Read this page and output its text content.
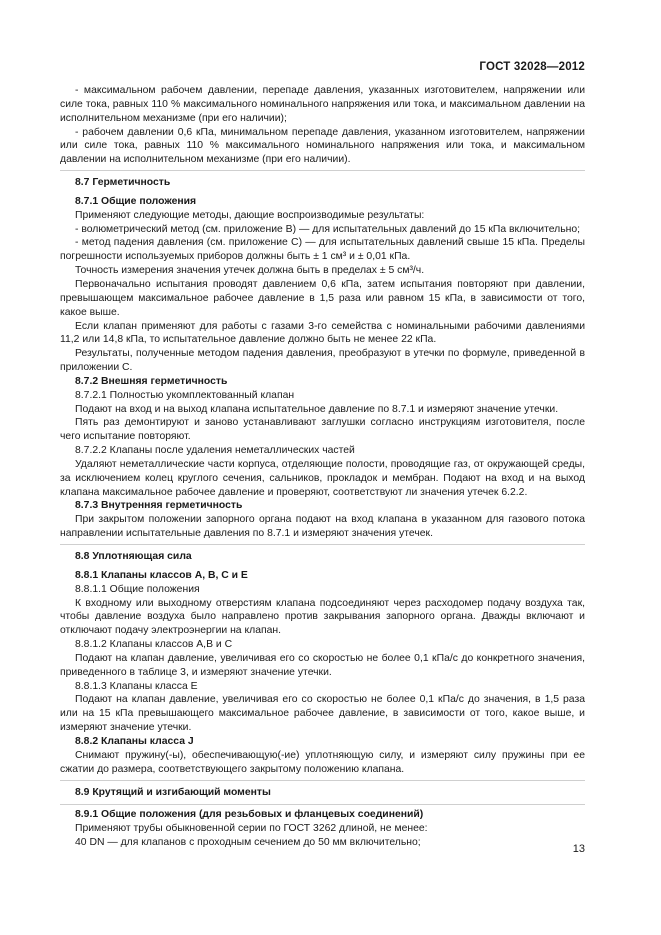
ГОСТ 32028—2012

- максимальном рабочем давлении, перепаде давления, указанных изготовителем, напряжении или силе тока, равных 110 % максимального номинального напряжения или тока, и максимальном давлении на исполнительном механизме (при его наличии);

- рабочем давлении 0,6 кПа, минимальном перепаде давления, указанном изготовителем, напряжении или силе тока, равных 110 % максимального номинального напряжения или тока, и максимальном давлении на исполнительном механизме (при его наличии).

8.7 Герметичность

8.7.1 Общие положения

Применяют следующие методы, дающие воспроизводимые результаты:

- волюметрический метод (см. приложение В) — для испытательных давлений до 15 кПа включительно;

- метод падения давления (см. приложение С) — для испытательных давлений свыше 15 кПа. Пределы погрешности используемых приборов должны быть ± 1 см³ и ± 0,01 кПа.

Точность измерения значения утечек должна быть в пределах ± 5 см³/ч.

Первоначально испытания проводят давлением 0,6 кПа, затем испытания повторяют при давлении, превышающем максимальное рабочее давление в 1,5 раза или равном 15 кПа, в зависимости от того, какое выше.

Если клапан применяют для работы с газами 3-го семейства с номинальными рабочими давлениями 11,2 или 14,8 кПа, то испытательное давление должно быть не менее 22 кПа.

Результаты, полученные методом падения давления, преобразуют в утечки по формуле, приведенной в приложении С.

8.7.2 Внешняя герметичность

8.7.2.1 Полностью укомплектованный клапан

Подают на вход и на выход клапана испытательное давление по 8.7.1 и измеряют значение утечки.

Пять раз демонтируют и заново устанавливают заглушки согласно инструкциям изготовителя, после чего испытание повторяют.

8.7.2.2 Клапаны после удаления неметаллических частей

Удаляют неметаллические части корпуса, отделяющие полости, проводящие газ, от окружающей среды, за исключением колец круглого сечения, сальников, прокладок и мембран. Подают на вход и на выход клапана максимальное рабочее давление и проверяют, соответствуют ли значения утечек 6.2.2.

8.7.3 Внутренняя герметичность

При закрытом положении запорного органа подают на вход клапана в указанном для газового потока направлении испытательные давления по 8.7.1 и измеряют значения утечек.

8.8 Уплотняющая сила

8.8.1 Клапаны классов А, В, С и Е

8.8.1.1 Общие положения

К входному или выходному отверстиям клапана подсоединяют через расходомер подачу воздуха так, чтобы давление воздуха было направлено против закрывания запорного органа. Дважды включают и отключают подачу электроэнергии на клапан.

8.8.1.2 Клапаны классов А,В и С

Подают на клапан давление, увеличивая его со скоростью не более 0,1 кПа/с до конкретного значения, приведенного в таблице 3, и измеряют значение утечки.

8.8.1.3 Клапаны класса Е

Подают на клапан давление, увеличивая его со скоростью не более 0,1 кПа/с до значения, в 1,5 раза или на 15 кПа превышающего максимальное рабочее давление, в зависимости от того, какое выше, и измеряют значение утечки.

8.8.2 Клапаны класса J

Снимают пружину(-ы), обеспечивающую(-ие) уплотняющую силу, и измеряют силу пружины при ее сжатии до размера, соответствующего закрытому положению клапана.

8.9 Крутящий и изгибающий моменты

8.9.1 Общие положения (для резьбовых и фланцевых соединений)

Применяют трубы обыкновенной серии по ГОСТ 3262 длиной, не менее:

40 DN — для клапанов с проходным сечением до 50 мм включительно;

13
